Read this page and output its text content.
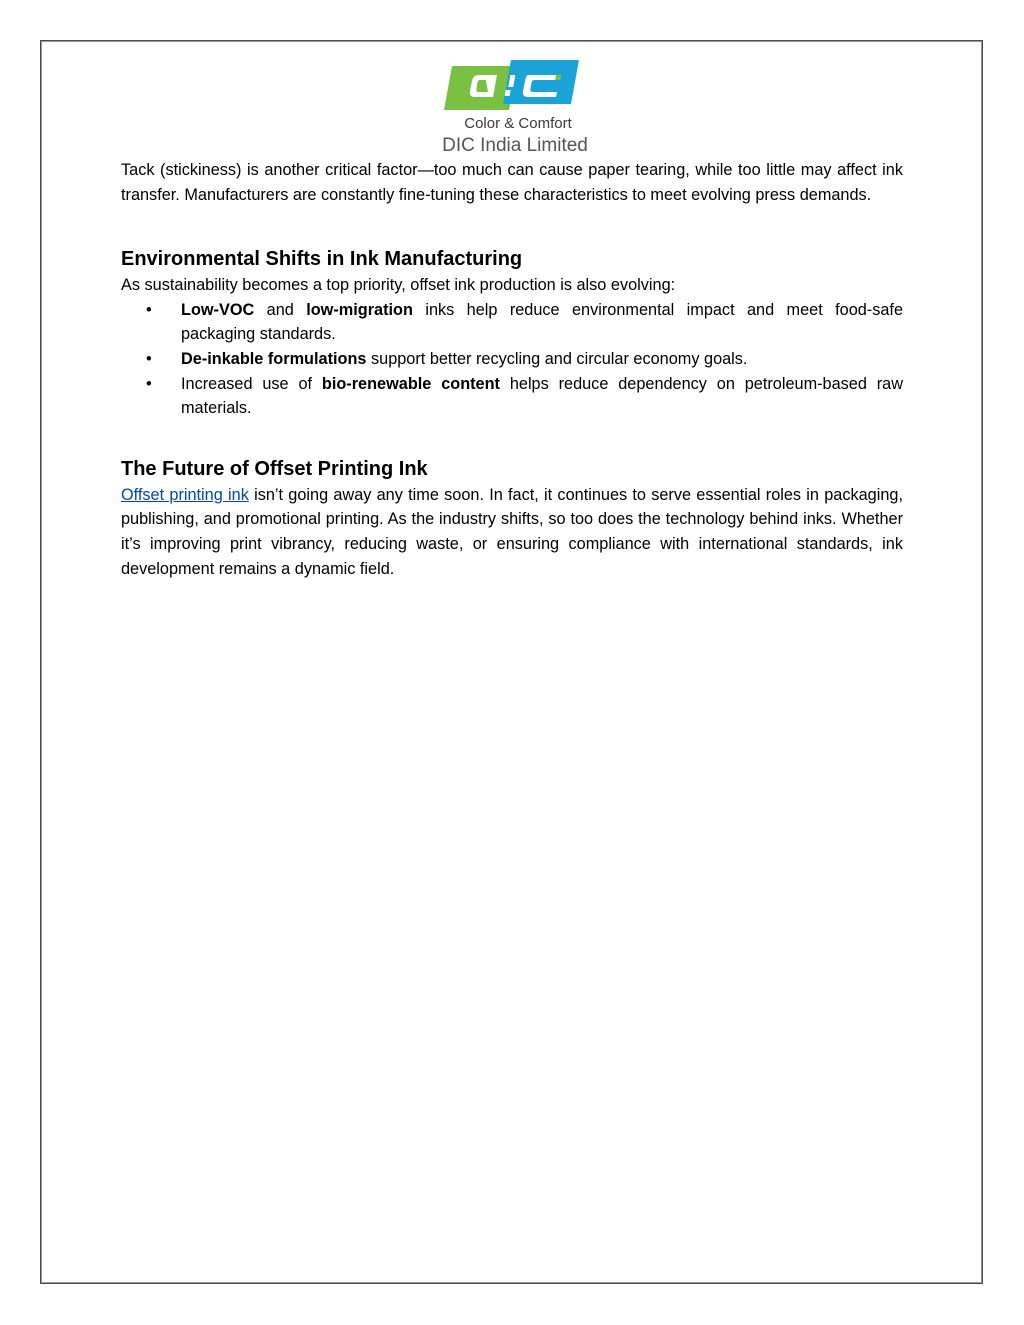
Color & Comfort
DIC India Limited

Tack (stickiness) is another critical factor—too much can cause paper tearing, while too little may affect ink transfer. Manufacturers are constantly fine-tuning these characteristics to meet evolving press demands.

Environmental Shifts in Ink Manufacturing

As sustainability becomes a top priority, offset ink production is also evolving:

• Low-VOC and low-migration inks help reduce environmental impact and meet food-safe packaging standards.
• De-inkable formulations support better recycling and circular economy goals.
• Increased use of bio-renewable content helps reduce dependency on petroleum-based raw materials.
The Future of Offset Printing Ink

Offset printing ink isn’t going away any time soon. In fact, it continues to serve essential roles in packaging, publishing, and promotional printing. As the industry shifts, so too does the technology behind inks. Whether it’s improving print vibrancy, reducing waste, or ensuring compliance with international standards, ink development remains a dynamic field.
